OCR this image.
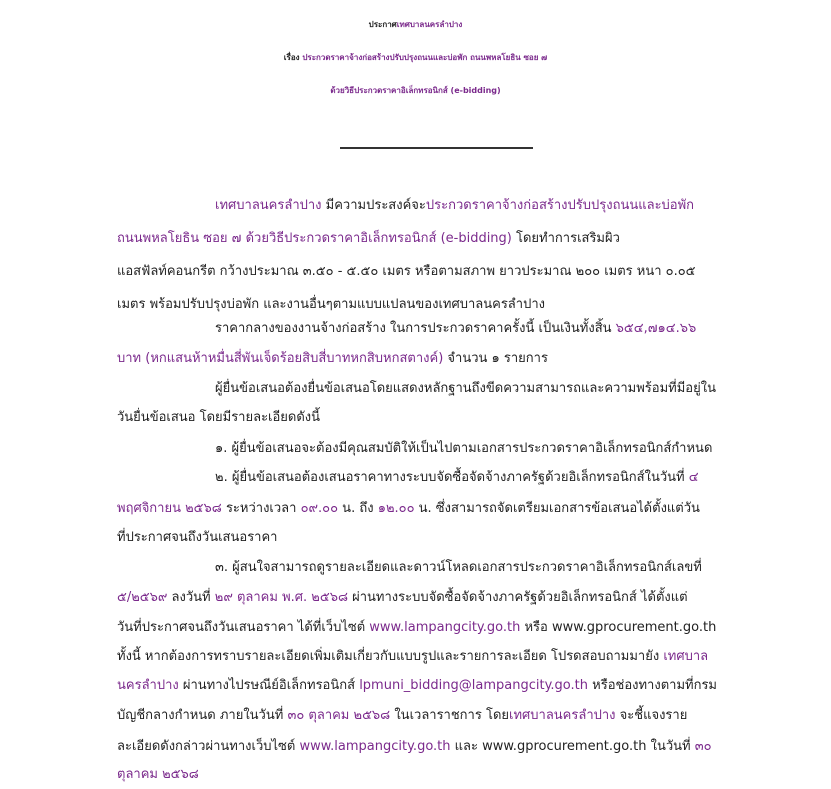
ประกาศเทศบาลนครลำปาง
เรื่อง ประกวดราคาจ้างก่อสร้างปรับปรุงถนนและบ่อพัก ถนนพหลโยธิน ซอย ๗
ด้วยวิธีประกวดราคาอิเล็กทรอนิกส์ (e-bidding)
เทศบาลนครลำปาง มีความประสงค์จะประกวดราคาจ้างก่อสร้างปรับปรุงถนนและบ่อพัก
ถนนพหลโยธิน ซอย ๗ ด้วยวิธีประกวดราคาอิเล็กทรอนิกส์ (e-bidding) โดยทำการเสริมผิว
แอสฟัลท์คอนกรีต กว้างประมาณ ๓.๕๐ - ๕.๕๐ เมตร หรือตามสภาพ ยาวประมาณ ๒๐๐ เมตร หนา ๐.๐๕
เมตร พร้อมปรับปรุงบ่อพัก และงานอื่นๆตามแบบแปลนของเทศบาลนครลำปาง
ราคากลางของงานจ้างก่อสร้าง ในการประกวดราคาครั้งนี้ เป็นเงินทั้งสิ้น ๖๕๔,๗๑๔.๖๖
บาท (หกแสนห้าหมื่นสี่พันเจ็ดร้อยสิบสี่บาทหกสิบหกสตางค์) จำนวน ๑ รายการ
ผู้ยื่นข้อเสนอต้องยื่นข้อเสนอโดยแสดงหลักฐานถึงขีดความสามารถและความพร้อมที่มีอยู่ใน
วันยื่นข้อเสนอ โดยมีรายละเอียดดังนี้
๑. ผู้ยื่นข้อเสนอจะต้องมีคุณสมบัติให้เป็นไปตามเอกสารประกวดราคาอิเล็กทรอนิกส์กำหนด
๒. ผู้ยื่นข้อเสนอต้องเสนอราคาทางระบบจัดซื้อจัดจ้างภาครัฐด้วยอิเล็กทรอนิกส์ในวันที่ ๔
พฤศจิกายน ๒๕๖๘ ระหว่างเวลา ๐๙.๐๐ น. ถึง ๑๒.๐๐ น. ซึ่งสามารถจัดเตรียมเอกสารข้อเสนอได้ตั้งแต่วัน
ที่ประกาศจนถึงวันเสนอราคา
๓. ผู้สนใจสามารถดูรายละเอียดและดาวน์โหลดเอกสารประกวดราคาอิเล็กทรอนิกส์เลขที่
๕/๒๕๖๙ ลงวันที่ ๒๙ ตุลาคม พ.ศ. ๒๕๖๘ ผ่านทางระบบจัดซื้อจัดจ้างภาครัฐด้วยอิเล็กทรอนิกส์ ได้ตั้งแต่
วันที่ประกาศจนถึงวันเสนอราคา ได้ที่เว็บไซต์ www.lampangcity.go.th หรือ www.gprocurement.go.th
ทั้งนี้ หากต้องการทราบรายละเอียดเพิ่มเติมเกี่ยวกับแบบรูปและรายการละเอียด โปรดสอบถามมายัง เทศบาล
นครลำปาง ผ่านทางไปรษณีย์อิเล็กทรอนิกส์ lpmuni_bidding@lampangcity.go.th หรือช่องทางตามที่กรม
บัญชีกลางกำหนด ภายในวันที่ ๓๐ ตุลาคม ๒๕๖๘ ในเวลาราชการ โดยเทศบาลนครลำปาง จะชี้แจงราย
ละเอียดดังกล่าวผ่านทางเว็บไซต์ www.lampangcity.go.th และ www.gprocurement.go.th ในวันที่ ๓๐
ตุลาคม ๒๕๖๘
